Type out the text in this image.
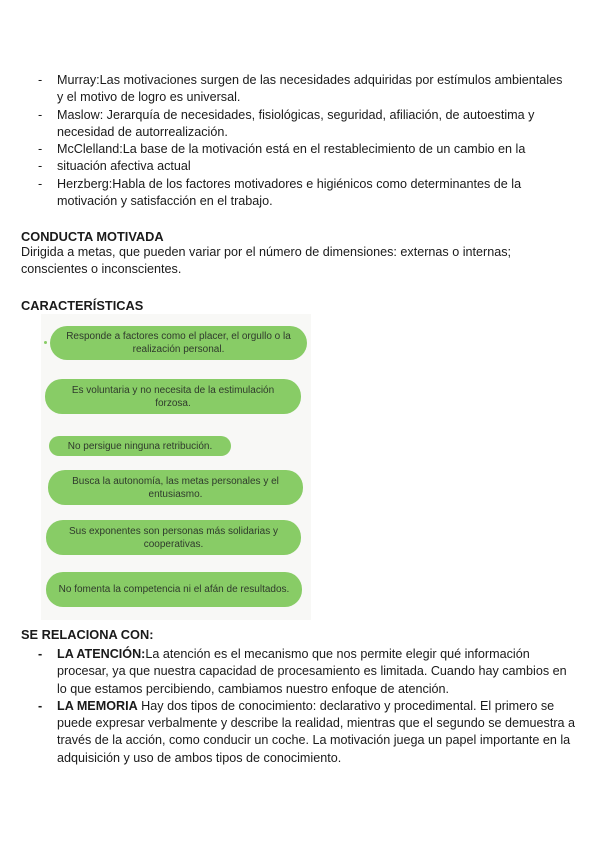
- Murray:Las motivaciones surgen de las necesidades adquiridas por estímulos ambientales y el motivo de logro es universal.
- Maslow: Jerarquía de necesidades, fisiológicas, seguridad, afiliación, de autoestima y necesidad de autorrealización.
- McClelland:La base de la motivación está en el restablecimiento de un cambio en la
- situación afectiva actual
- Herzberg:Habla de los factores motivadores e higiénicos como determinantes de la motivación y satisfacción en el trabajo.
CONDUCTA MOTIVADA

Dirigida a metas, que pueden variar por el número de dimensiones: externas o internas; conscientes o inconscientes.

CARACTERÍSTICAS
Responde a factores como el placer, el orgullo o la realización personal.
Es voluntaria y no necesita de la estimulación forzosa.
No persigue ninguna retribución.
Busca la autonomía, las metas personales y el entusiasmo.
Sus exponentes son personas más solidarias y cooperativas.
No fomenta la competencia ni el afán de resultados.
SE RELACIONA CON:
- LA ATENCIÓN:La atención es el mecanismo que nos permite elegir qué información procesar, ya que nuestra capacidad de procesamiento es limitada. Cuando hay cambios en lo que estamos percibiendo, cambiamos nuestro enfoque de atención.
- LA MEMORIA Hay dos tipos de conocimiento: declarativo y procedimental. El primero se puede expresar verbalmente y describe la realidad, mientras que el segundo se demuestra a través de la acción, como conducir un coche. La motivación juega un papel importante en la adquisición y uso de ambos tipos de conocimiento.
